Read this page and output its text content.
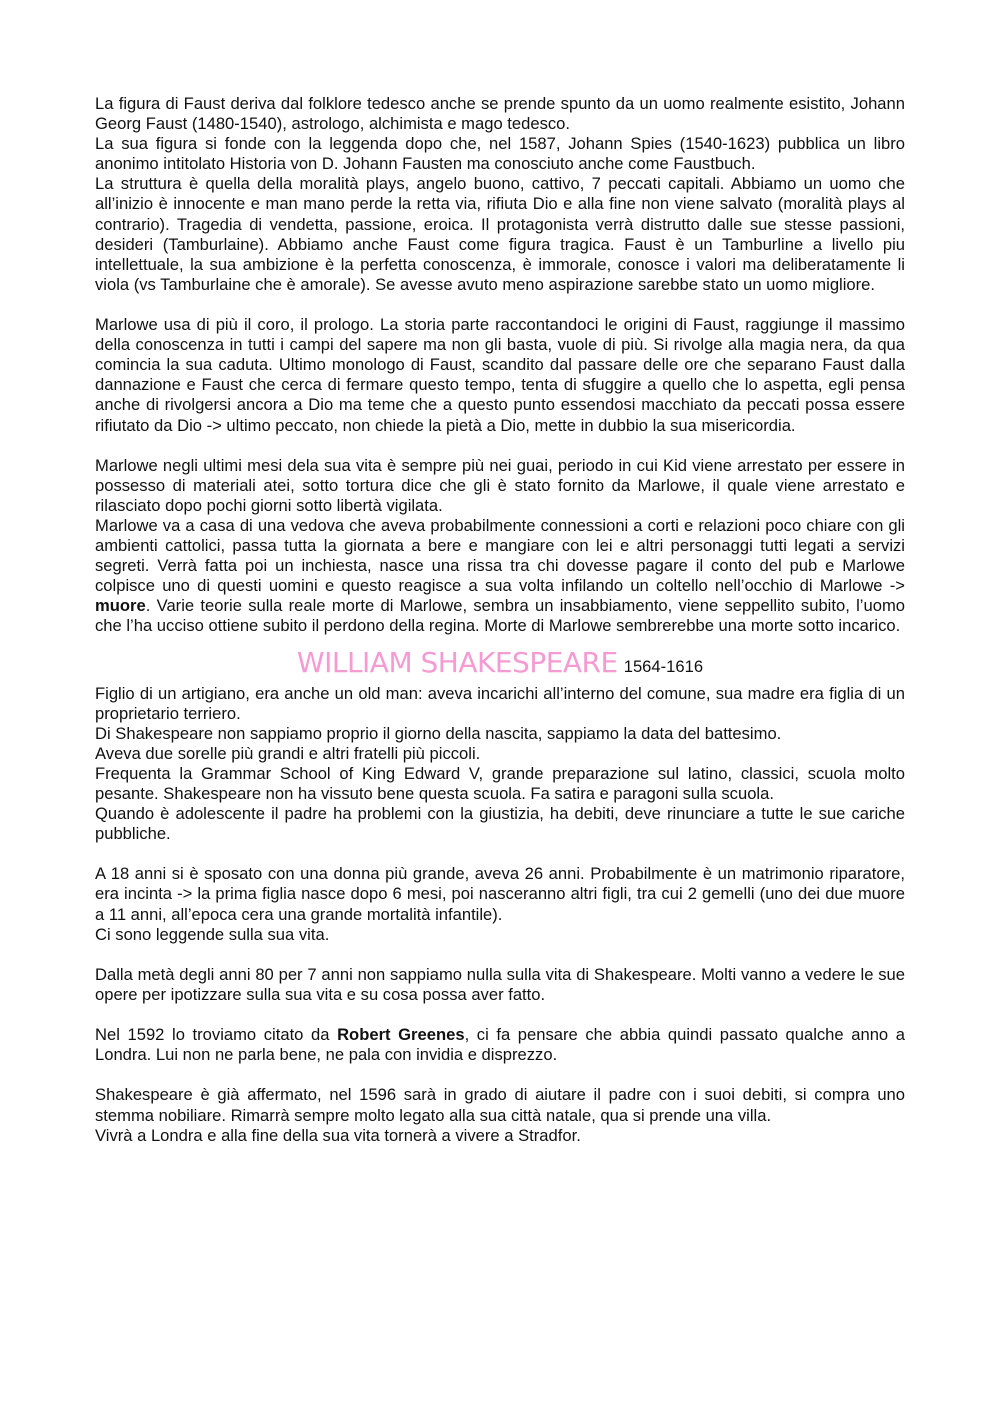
La figura di Faust deriva dal folklore tedesco anche se prende spunto da un uomo realmente esistito, Johann Georg Faust (1480-1540), astrologo, alchimista e mago tedesco.

La sua figura si fonde con la leggenda dopo che, nel 1587, Johann Spies (1540-1623) pubblica un libro anonimo intitolato Historia von D. Johann Fausten ma conosciuto anche come Faustbuch.

La struttura è quella della moralità plays, angelo buono, cattivo, 7 peccati capitali. Abbiamo un uomo che all’inizio è innocente e man mano perde la retta via, rifiuta Dio e alla fine non viene salvato (moralità plays al contrario). Tragedia di vendetta, passione, eroica. Il protagonista verrà distrutto dalle sue stesse passioni, desideri (Tamburlaine). Abbiamo anche Faust come figura tragica. Faust è un Tamburline a livello piu intellettuale, la sua ambizione è la perfetta conoscenza, è immorale, conosce i valori ma deliberatamente li viola (vs Tamburlaine che è amorale). Se avesse avuto meno aspirazione sarebbe stato un uomo migliore.

Marlowe usa di più il coro, il prologo. La storia parte raccontandoci le origini di Faust, raggiunge il massimo della conoscenza in tutti i campi del sapere ma non gli basta, vuole di più. Si rivolge alla magia nera, da qua comincia la sua caduta. Ultimo monologo di Faust, scandito dal passare delle ore che separano Faust dalla dannazione e Faust che cerca di fermare questo tempo, tenta di sfuggire a quello che lo aspetta, egli pensa anche di rivolgersi ancora a Dio ma teme che a questo punto essendosi macchiato da peccati possa essere rifiutato da Dio -> ultimo peccato, non chiede la pietà a Dio, mette in dubbio la sua misericordia.

Marlowe negli ultimi mesi dela sua vita è sempre più nei guai, periodo in cui Kid viene arrestato per essere in possesso di materiali atei, sotto tortura dice che gli è stato fornito da Marlowe, il quale viene arrestato e rilasciato dopo pochi giorni sotto libertà vigilata.

Marlowe va a casa di una vedova che aveva probabilmente connessioni a corti e relazioni poco chiare con gli ambienti cattolici, passa tutta la giornata a bere e mangiare con lei e altri personaggi tutti legati a servizi segreti. Verrà fatta poi un inchiesta, nasce una rissa tra chi dovesse pagare il conto del pub e Marlowe colpisce uno di questi uomini e questo reagisce a sua volta infilando un coltello nell’occhio di Marlowe -> muore. Varie teorie sulla reale morte di Marlowe, sembra un insabbiamento, viene seppellito subito, l’uomo che l’ha ucciso ottiene subito il perdono della regina. Morte di Marlowe sembrerebbe una morte sotto incarico.

WILLIAM SHAKESPEARE 1564-1616

Figlio di un artigiano, era anche un old man: aveva incarichi all’interno del comune, sua madre era figlia di un proprietario terriero.

Di Shakespeare non sappiamo proprio il giorno della nascita, sappiamo la data del battesimo.

Aveva due sorelle più grandi e altri fratelli più piccoli.

Frequenta la Grammar School of King Edward V, grande preparazione sul latino, classici, scuola molto pesante. Shakespeare non ha vissuto bene questa scuola. Fa satira e paragoni sulla scuola.

Quando è adolescente il padre ha problemi con la giustizia, ha debiti, deve rinunciare a tutte le sue cariche pubbliche.

A 18 anni si è sposato con una donna più grande, aveva 26 anni. Probabilmente è un matrimonio riparatore, era incinta -> la prima figlia nasce dopo 6 mesi, poi nasceranno altri figli, tra cui 2 gemelli (uno dei due muore a 11 anni, all’epoca cera una grande mortalità infantile).

Ci sono leggende sulla sua vita.

Dalla metà degli anni 80 per 7 anni non sappiamo nulla sulla vita di Shakespeare. Molti vanno a vedere le sue opere per ipotizzare sulla sua vita e su cosa possa aver fatto.

Nel 1592 lo troviamo citato da Robert Greenes, ci fa pensare che abbia quindi passato qualche anno a Londra. Lui non ne parla bene, ne pala con invidia e disprezzo.

Shakespeare è già affermato, nel 1596 sarà in grado di aiutare il padre con i suoi debiti, si compra uno stemma nobiliare. Rimarrà sempre molto legato alla sua città natale, qua si prende una villa.

Vivrà a Londra e alla fine della sua vita tornerà a vivere a Stradfor.
